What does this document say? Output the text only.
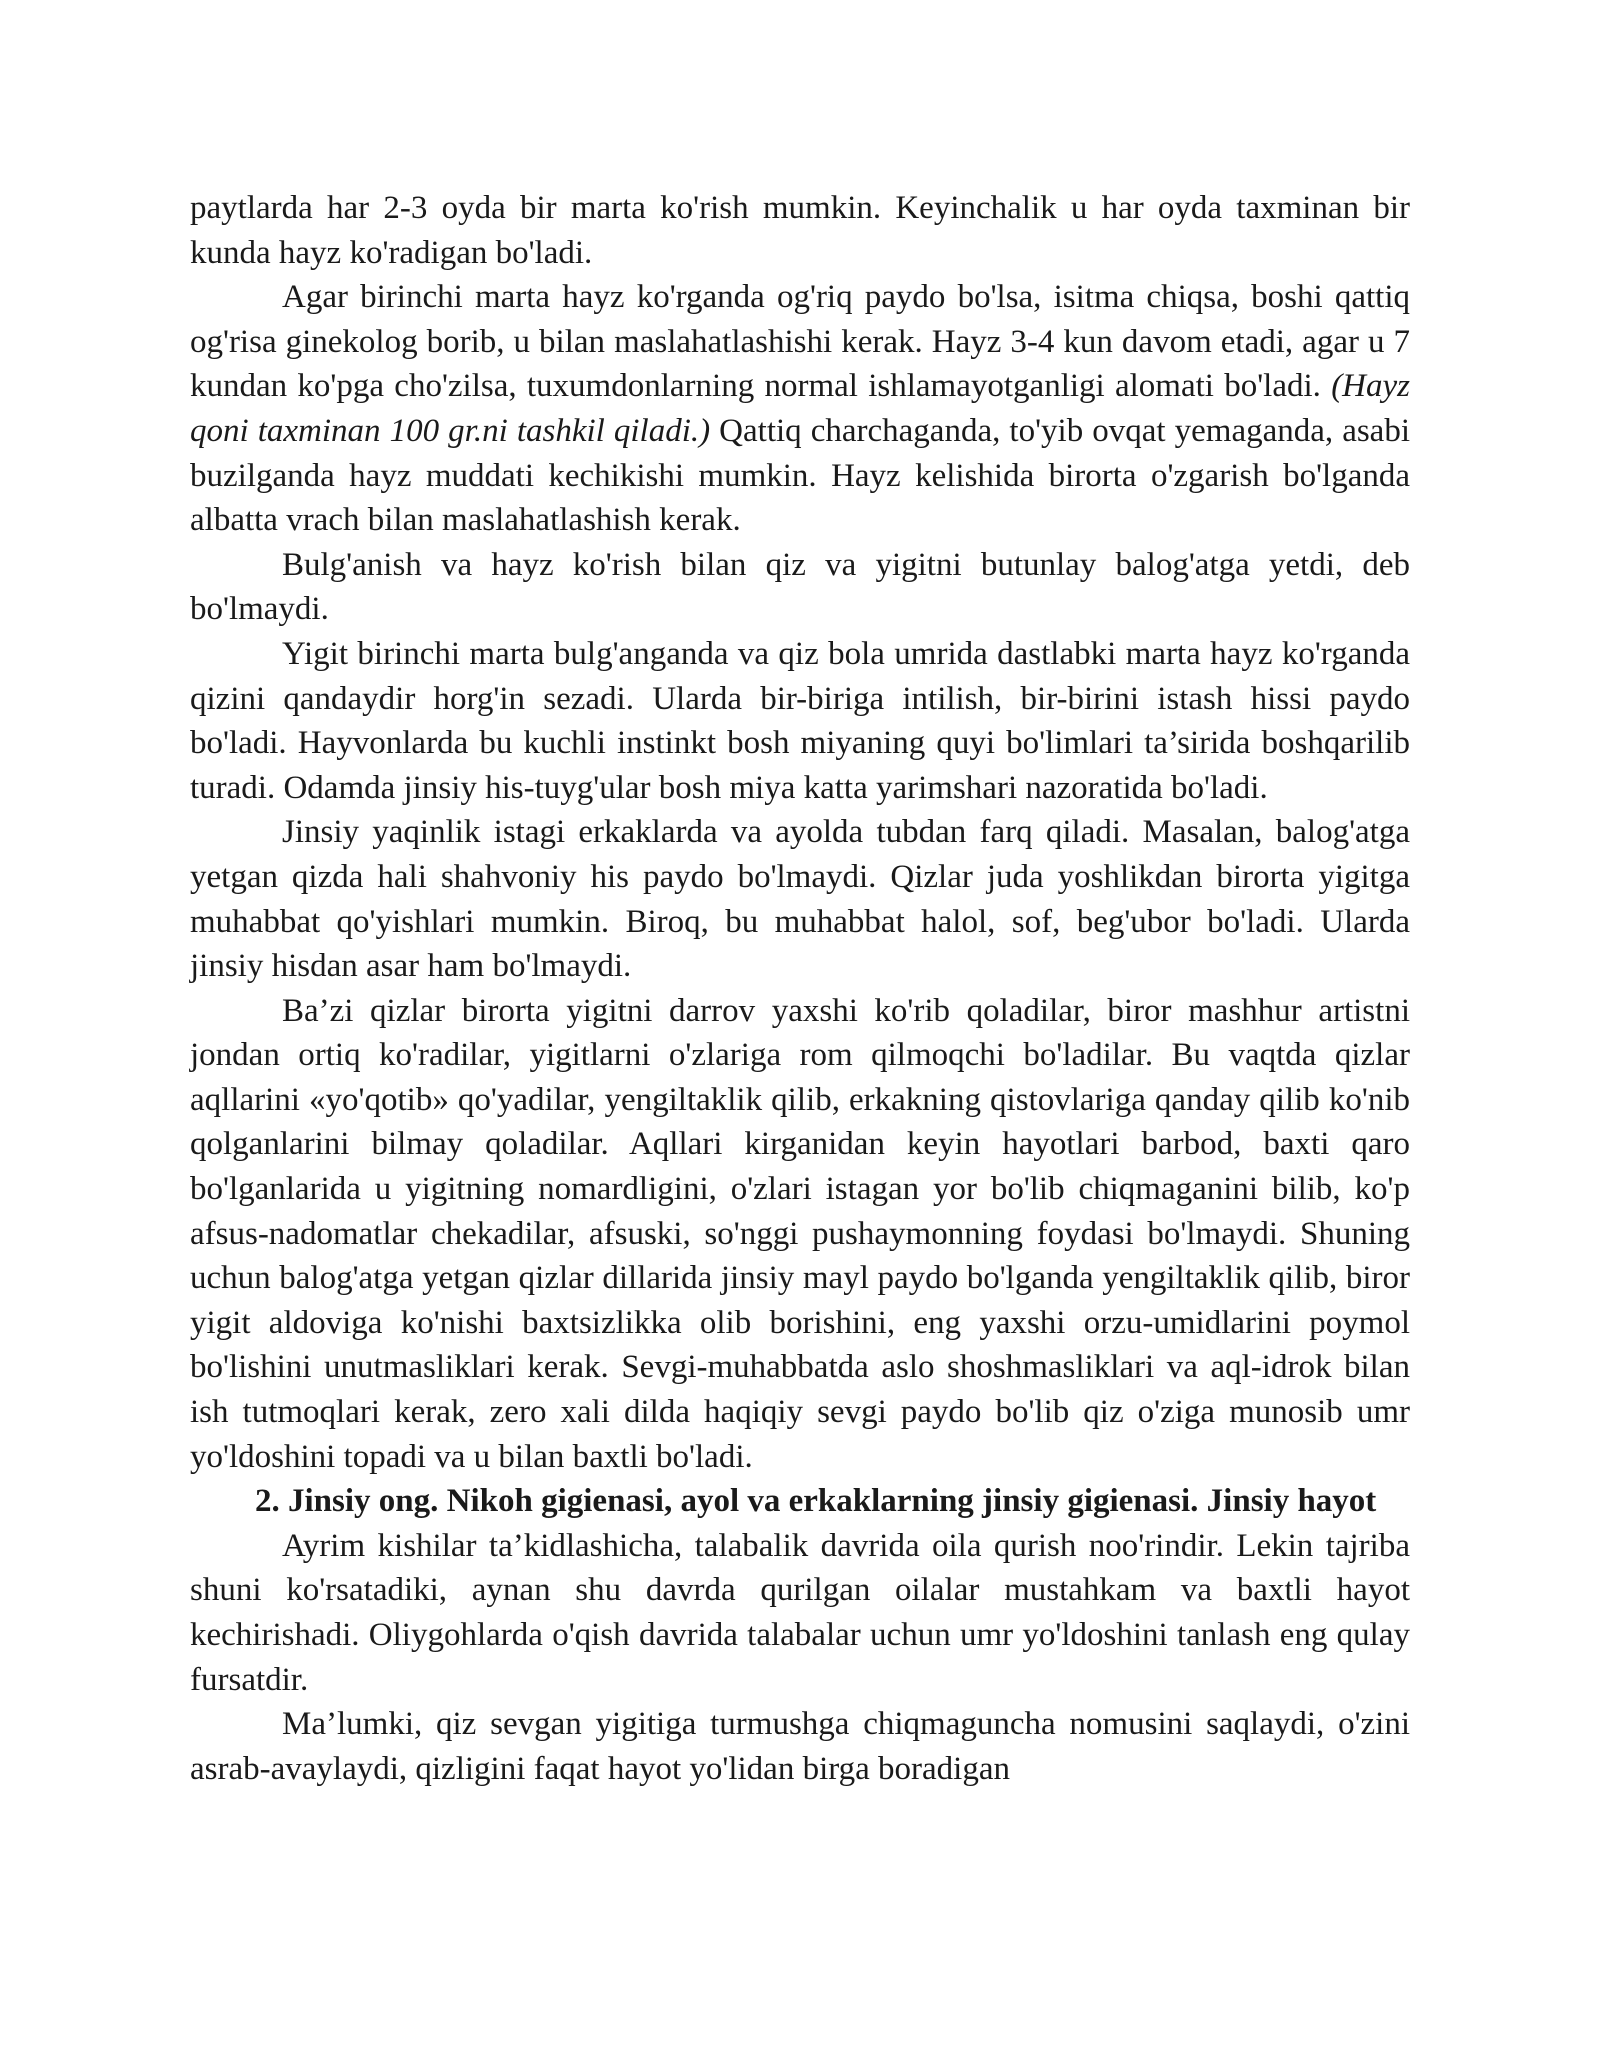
paytlarda har 2-3 oyda bir marta ko'rish mumkin. Keyinchalik u har oyda taxminan bir kunda hayz ko'radigan bo'ladi.

Agar birinchi marta hayz ko'rganda og'riq paydo bo'lsa, isitma chiqsa, boshi qattiq og'risa ginekolog borib, u bilan maslahatlashishi kerak. Hayz 3-4 kun davom etadi, agar u 7 kundan ko'pga cho'zilsa, tuxumdonlarning normal ishlamayotganligi alomati bo'ladi. (Hayz qoni taxminan 100 gr.ni tashkil qiladi.) Qattiq charchaganda, to'yib ovqat yemaganda, asabi buzilganda hayz muddati kechikishi mumkin. Hayz kelishida birorta o'zgarish bo'lganda albatta vrach bilan maslahatlashish kerak.

Bulg'anish va hayz ko'rish bilan qiz va yigitni butunlay balog'atga yetdi, deb bo'lmaydi.

Yigit birinchi marta bulg'anganda va qiz bola umrida dastlabki marta hayz ko'rganda qizini qandaydir horg'in sezadi. Ularda bir-biriga intilish, bir-birini istash hissi paydo bo'ladi. Hayvonlarda bu kuchli instinkt bosh miyaning quyi bo'limlari ta’sirida boshqarilib turadi. Odamda jinsiy his-tuyg'ular bosh miya katta yarimshari nazoratida bo'ladi.

Jinsiy yaqinlik istagi erkaklarda va ayolda tubdan farq qiladi. Masalan, balog'atga yetgan qizda hali shahvoniy his paydo bo'lmaydi. Qizlar juda yoshlikdan birorta yigitga muhabbat qo'yishlari mumkin. Biroq, bu muhabbat halol, sof, beg'ubor bo'ladi. Ularda jinsiy hisdan asar ham bo'lmaydi.

Ba’zi qizlar birorta yigitni darrov yaxshi ko'rib qoladilar, biror mashhur artistni jondan ortiq ko'radilar, yigitlarni o'zlariga rom qilmoqchi bo'ladilar. Bu vaqtda qizlar aqllarini «yo'qotib» qo'yadilar, yengiltaklik qilib, erkakning qistovlariga qanday qilib ko'nib qolganlarini bilmay qoladilar. Aqllari kirganidan keyin hayotlari barbod, baxti qaro bo'lganlarida u yigitning nomardligini, o'zlari istagan yor bo'lib chiqmaganini bilib, ko'p afsus-nadomatlar chekadilar, afsuski, so'nggi pushaymonning foydasi bo'lmaydi. Shuning uchun balog'atga yetgan qizlar dillarida jinsiy mayl paydo bo'lganda yengiltaklik qilib, biror yigit aldoviga ko'nishi baxtsizlikka olib borishini, eng yaxshi orzu-umidlarini poymol bo'lishini unutmasliklari kerak. Sevgi-muhabbatda aslo shoshmasliklari va aql-idrok bilan ish tutmoqlari kerak, zero xali dilda haqiqiy sevgi paydo bo'lib qiz o'ziga munosib umr yo'ldoshini topadi va u bilan baxtli bo'ladi.

2. Jinsiy ong. Nikoh gigienasi, ayol va erkaklarning jinsiy gigienasi. Jinsiy hayot

Ayrim kishilar ta’kidlashicha, talabalik davrida oila qurish noo'rindir. Lekin tajriba shuni ko'rsatadiki, aynan shu davrda qurilgan oilalar mustahkam va baxtli hayot kechirishadi. Oliygohlarda o'qish davrida talabalar uchun umr yo'ldoshini tanlash eng qulay fursatdir.

Ma’lumki, qiz sevgan yigitiga turmushga chiqmaguncha nomusini saqlaydi, o'zini asrab-avaylaydi, qizligini faqat hayot yo'lidan birga boradigan
